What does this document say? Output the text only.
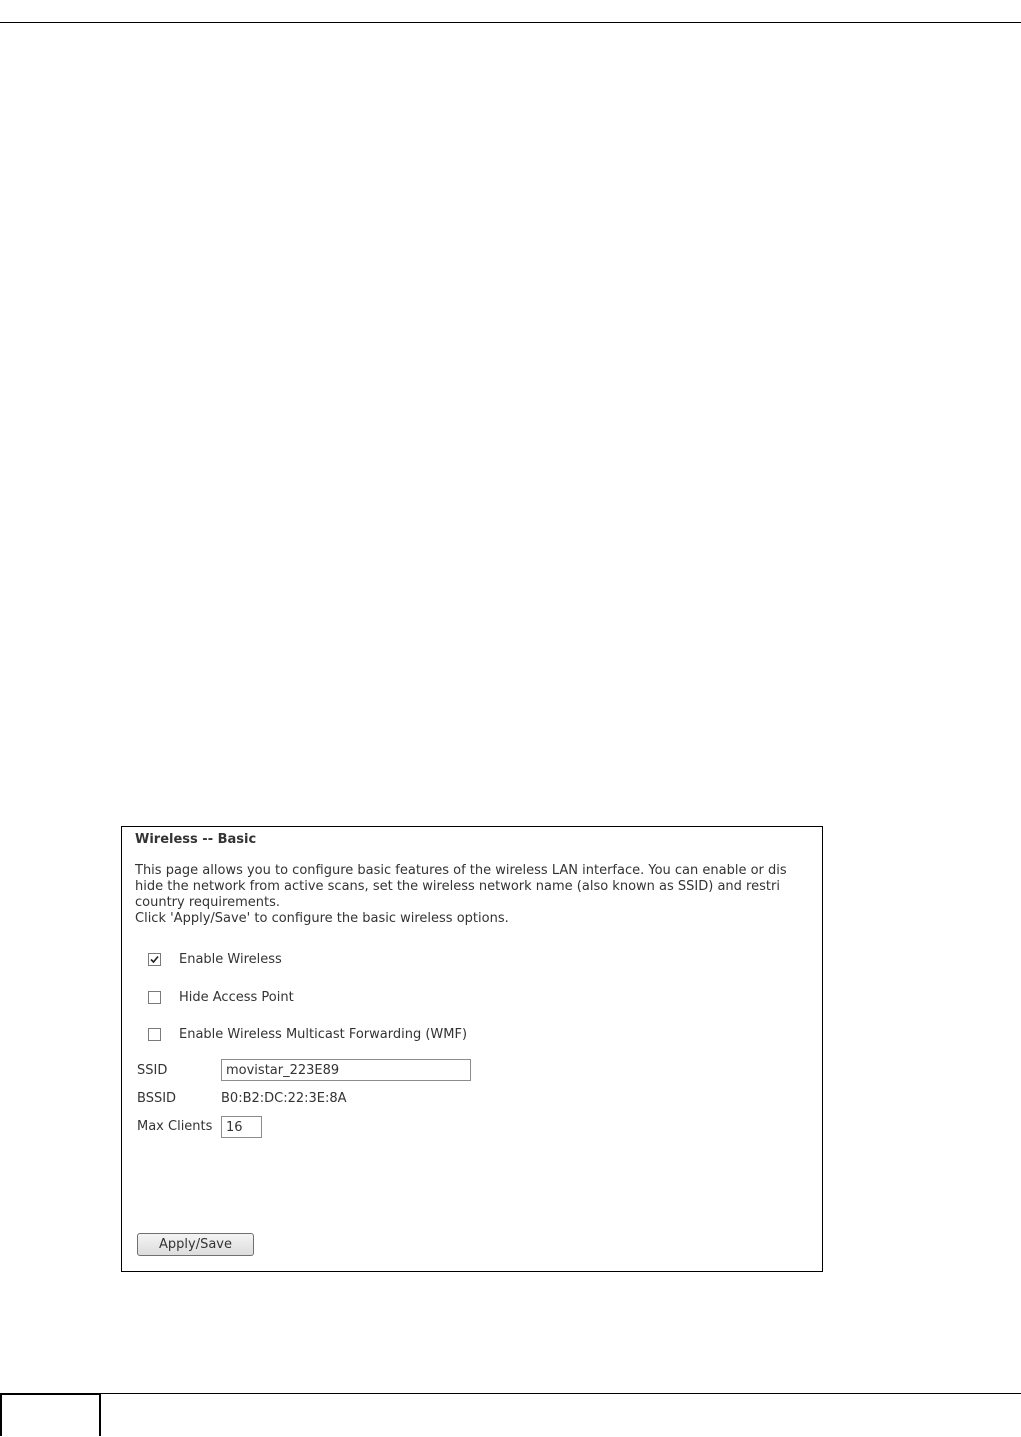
Wireless -- Basic
This page allows you to configure basic features of the wireless LAN interface. You can enable or dis
hide the network from active scans, set the wireless network name (also known as SSID) and restri
country requirements.
Click 'Apply/Save' to configure the basic wireless options.
Enable Wireless
Hide Access Point
Enable Wireless Multicast Forwarding (WMF)
SSID
movistar_223E89
BSSID	B0:B2:DC:22:3E:8A
Max Clients
16
Apply/Save
